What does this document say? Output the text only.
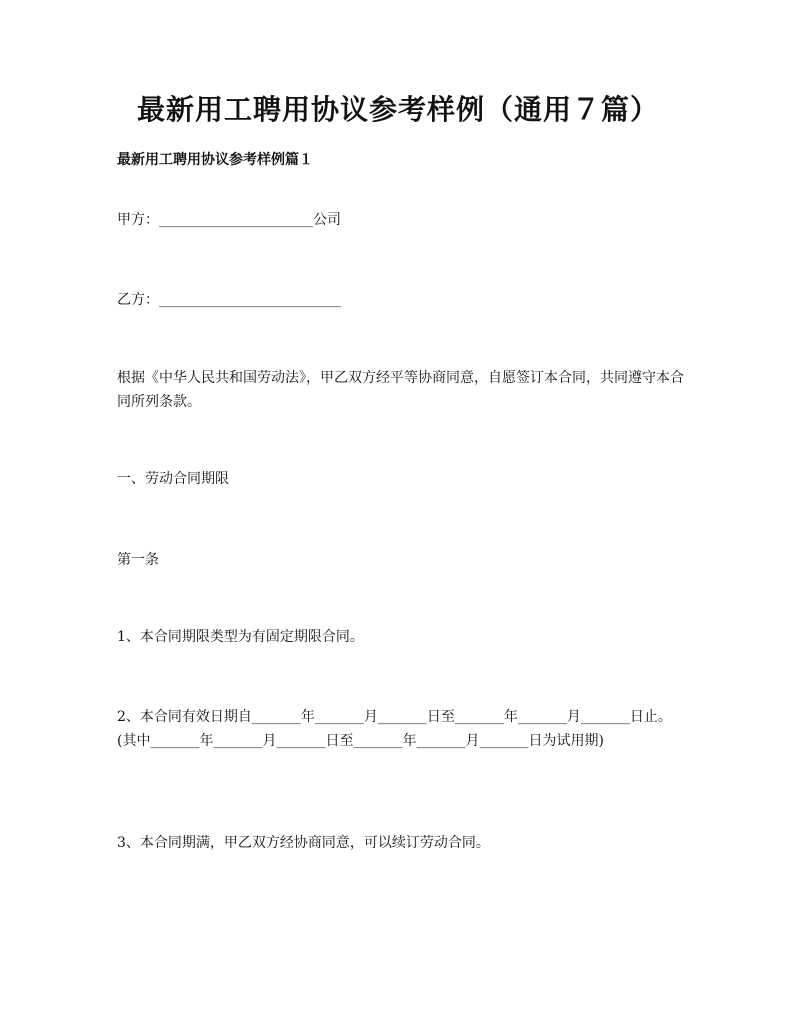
最新用工聘用协议参考样例（通用７篇）

最新用工聘用协议参考样例篇１

甲方：______________________公司

乙方：__________________________

根据《中华人民共和国劳动法》，甲乙双方经平等协商同意，自愿签订本合同，共同遵守本合同所列条款。

一、劳动合同期限

第一条

1、本合同期限类型为有固定期限合同。

2、本合同有效日期自_______年_______月_______日至_______年_______月_______日止。(其中_______年_______月_______日至_______年_______月_______日为试用期)

3、本合同期满，甲乙双方经协商同意，可以续订劳动合同。
